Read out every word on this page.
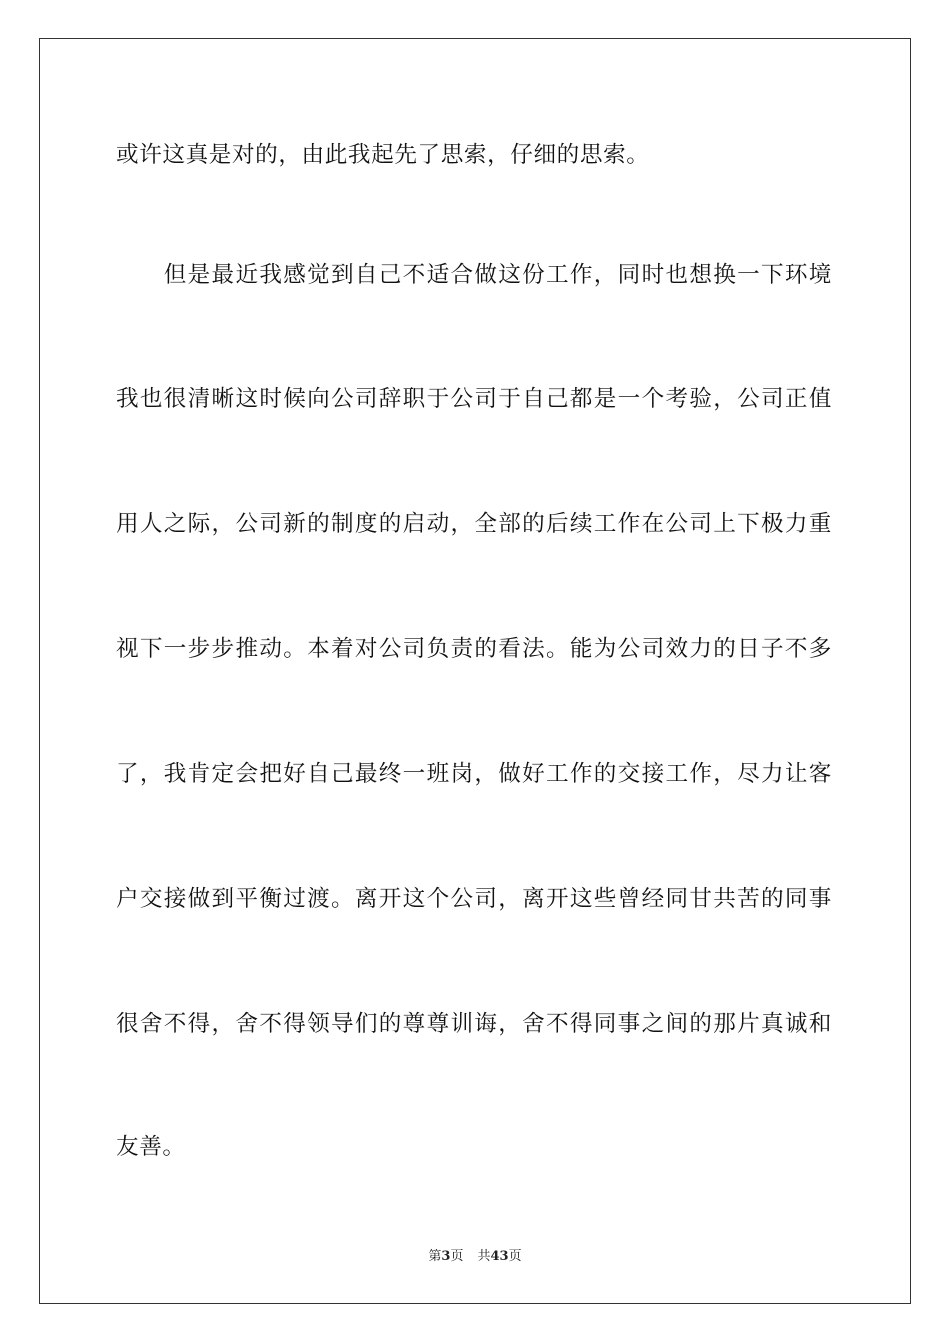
或许这真是对的，由此我起先了思索，仔细的思索。
　　但是最近我感觉到自己不适合做这份工作，同时也想换一下环境
我也很清晰这时候向公司辞职于公司于自己都是一个考验，公司正值
用人之际，公司新的制度的启动，全部的后续工作在公司上下极力重
视下一步步推动。本着对公司负责的看法。能为公司效力的日子不多
了，我肯定会把好自己最终一班岗，做好工作的交接工作，尽力让客
户交接做到平衡过渡。离开这个公司，离开这些曾经同甘共苦的同事
很舍不得，舍不得领导们的尊尊训诲，舍不得同事之间的那片真诚和
友善。
第3页 共43页
